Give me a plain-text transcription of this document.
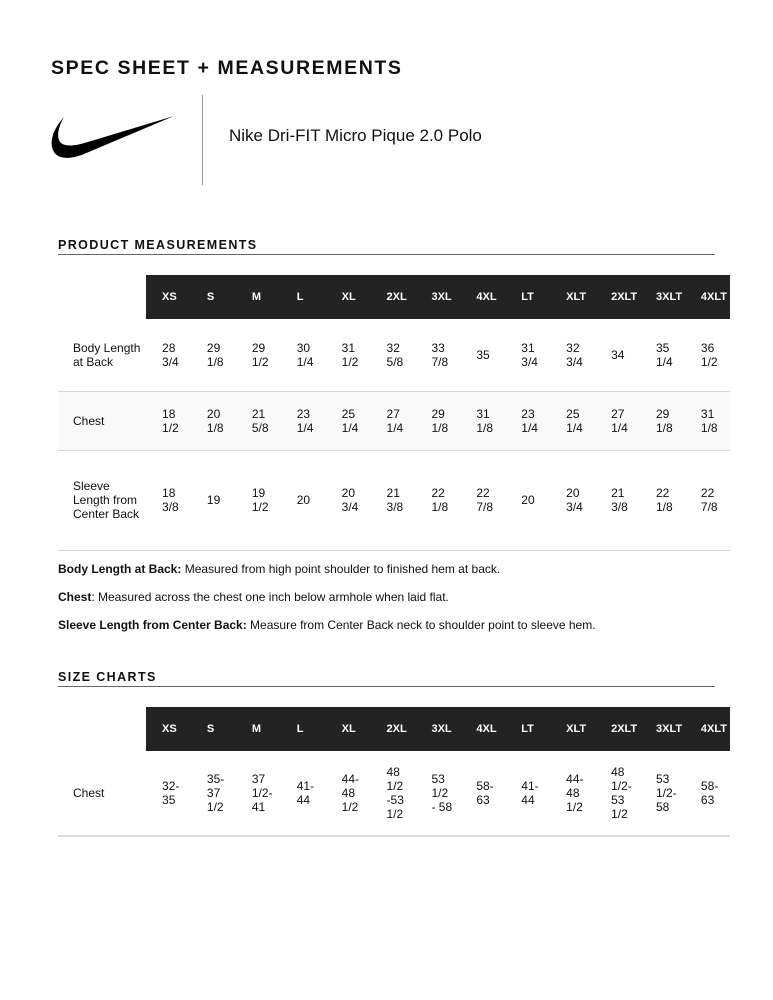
SPEC SHEET + MEASUREMENTS
Nike Dri-FIT Micro Pique 2.0 Polo
PRODUCT MEASUREMENTS
	XS	S	M	L	XL	2XL	3XL	4XL	LT	XLT	2XLT	3XLT	4XLT
Body Length at Back	28 3/4	29 1/8	29 1/2	30 1/4	31 1/2	32 5/8	33 7/8	35	31 3/4	32 3/4	34	35 1/4	36 1/2
Chest	18 1/2	20 1/8	21 5/8	23 1/4	25 1/4	27 1/4	29 1/8	31 1/8	23 1/4	25 1/4	27 1/4	29 1/8	31 1/8
Sleeve Length from Center Back	18 3/8	19	19 1/2	20	20 3/4	21 3/8	22 1/8	22 7/8	20	20 3/4	21 3/8	22 1/8	22 7/8

Body Length at Back: Measured from high point shoulder to finished hem at back.

Chest: Measured across the chest one inch below armhole when laid flat.

Sleeve Length from Center Back: Measure from Center Back neck to shoulder point to sleeve hem.

SIZE CHARTS
	XS	S	M	L	XL	2XL	3XL	4XL	LT	XLT	2XLT	3XLT	4XLT
Chest	32-35	35-37 1/2	37 1/2-41	41-44	44-48 1/2	48 1/2 -53 1/2	53 1/2 - 58	58-63	41-44	44-48 1/2	48 1/2-53 1/2	53 1/2-58	58-63
